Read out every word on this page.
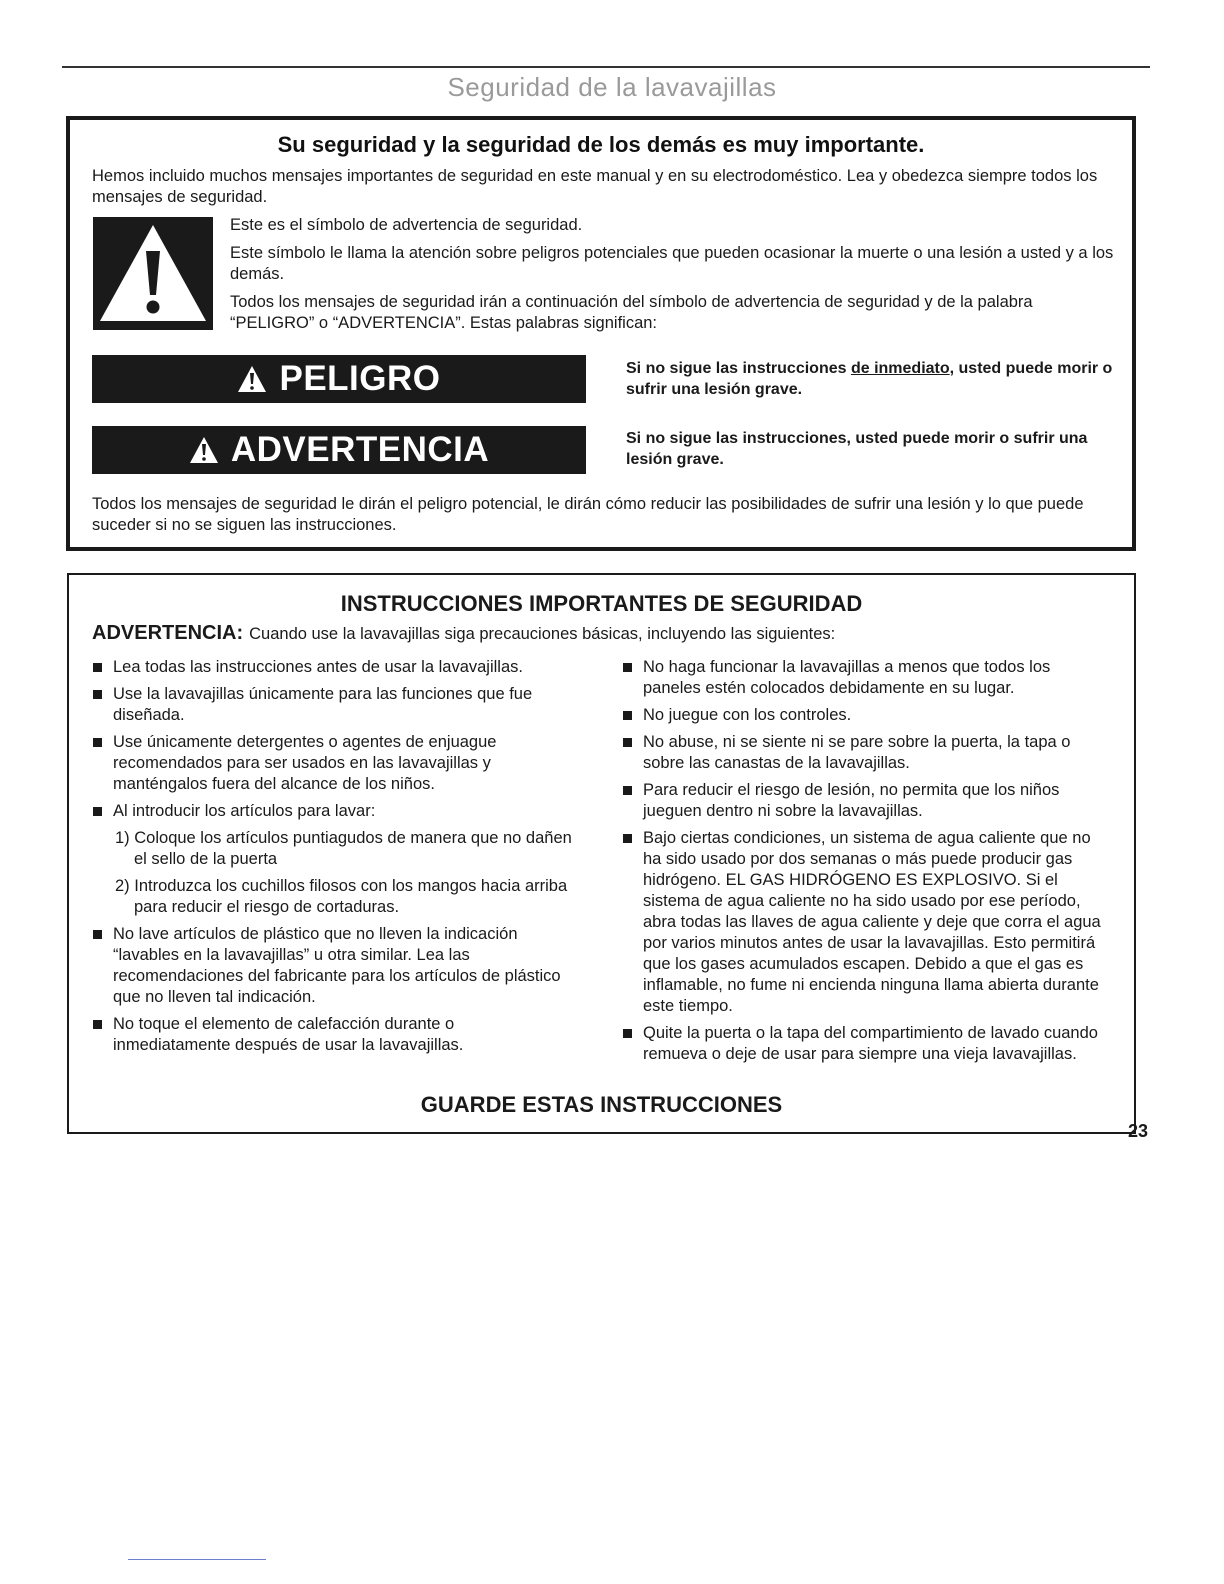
Seguridad de la lavavajillas
Su seguridad y la seguridad de los demás es muy importante.

Hemos incluido muchos mensajes importantes de seguridad en este manual y en su electrodoméstico. Lea y obedezca siempre todos los mensajes de seguridad.

Este es el símbolo de advertencia de seguridad.

Este símbolo le llama la atención sobre peligros potenciales que pueden ocasionar la muerte o una lesión a usted y a los demás.

Todos los mensajes de seguridad irán a continuación del símbolo de advertencia de seguridad y de la palabra “PELIGRO” o “ADVERTENCIA”. Estas palabras significan:

PELIGRO	Si no sigue las instrucciones de inmediato, usted puede morir o sufrir una lesión grave.

ADVERTENCIA	Si no sigue las instrucciones, usted puede morir o sufrir una lesión grave.

Todos los mensajes de seguridad le dirán el peligro potencial, le dirán cómo reducir las posibilidades de sufrir una lesión y lo que puede suceder si no se siguen las instrucciones.

INSTRUCCIONES IMPORTANTES DE SEGURIDAD

ADVERTENCIA: Cuando use la lavavajillas siga precauciones básicas, incluyendo las siguientes:

Lea todas las instrucciones antes de usar la lavavajillas.
Use la lavavajillas únicamente para las funciones que fue diseñada.
Use únicamente detergentes o agentes de enjuague recomendados para ser usados en las lavavajillas y manténgalos fuera del alcance de los niños.
Al introducir los artículos para lavar:
1) Coloque los artículos puntiagudos de manera que no dañen el sello de la puerta
2) Introduzca los cuchillos filosos con los mangos hacia arriba para reducir el riesgo de cortaduras.
No lave artículos de plástico que no lleven la indicación “lavables en la lavavajillas” u otra similar. Lea las recomendaciones del fabricante para los artículos de plástico que no lleven tal indicación.
No toque el elemento de calefacción durante o inmediatamente después de usar la lavavajillas.
No haga funcionar la lavavajillas a menos que todos los paneles estén colocados debidamente en su lugar.
No juegue con los controles.
No abuse, ni se siente ni se pare sobre la puerta, la tapa o sobre las canastas de la lavavajillas.
Para reducir el riesgo de lesión, no permita que los niños jueguen dentro ni sobre la lavavajillas.
Bajo ciertas condiciones, un sistema de agua caliente que no ha sido usado por dos semanas o más puede producir gas hidrógeno. EL GAS HIDRÓGENO ES EXPLOSIVO. Si el sistema de agua caliente no ha sido usado por ese período, abra todas las llaves de agua caliente y deje que corra el agua por varios minutos antes de usar la lavavajillas. Esto permitirá que los gases acumulados escapen. Debido a que el gas es inflamable, no fume ni encienda ninguna llama abierta durante este tiempo.
Quite la puerta o la tapa del compartimiento de lavado cuando remueva o deje de usar para siempre una vieja lavavajillas.

GUARDE ESTAS INSTRUCCIONES

23
